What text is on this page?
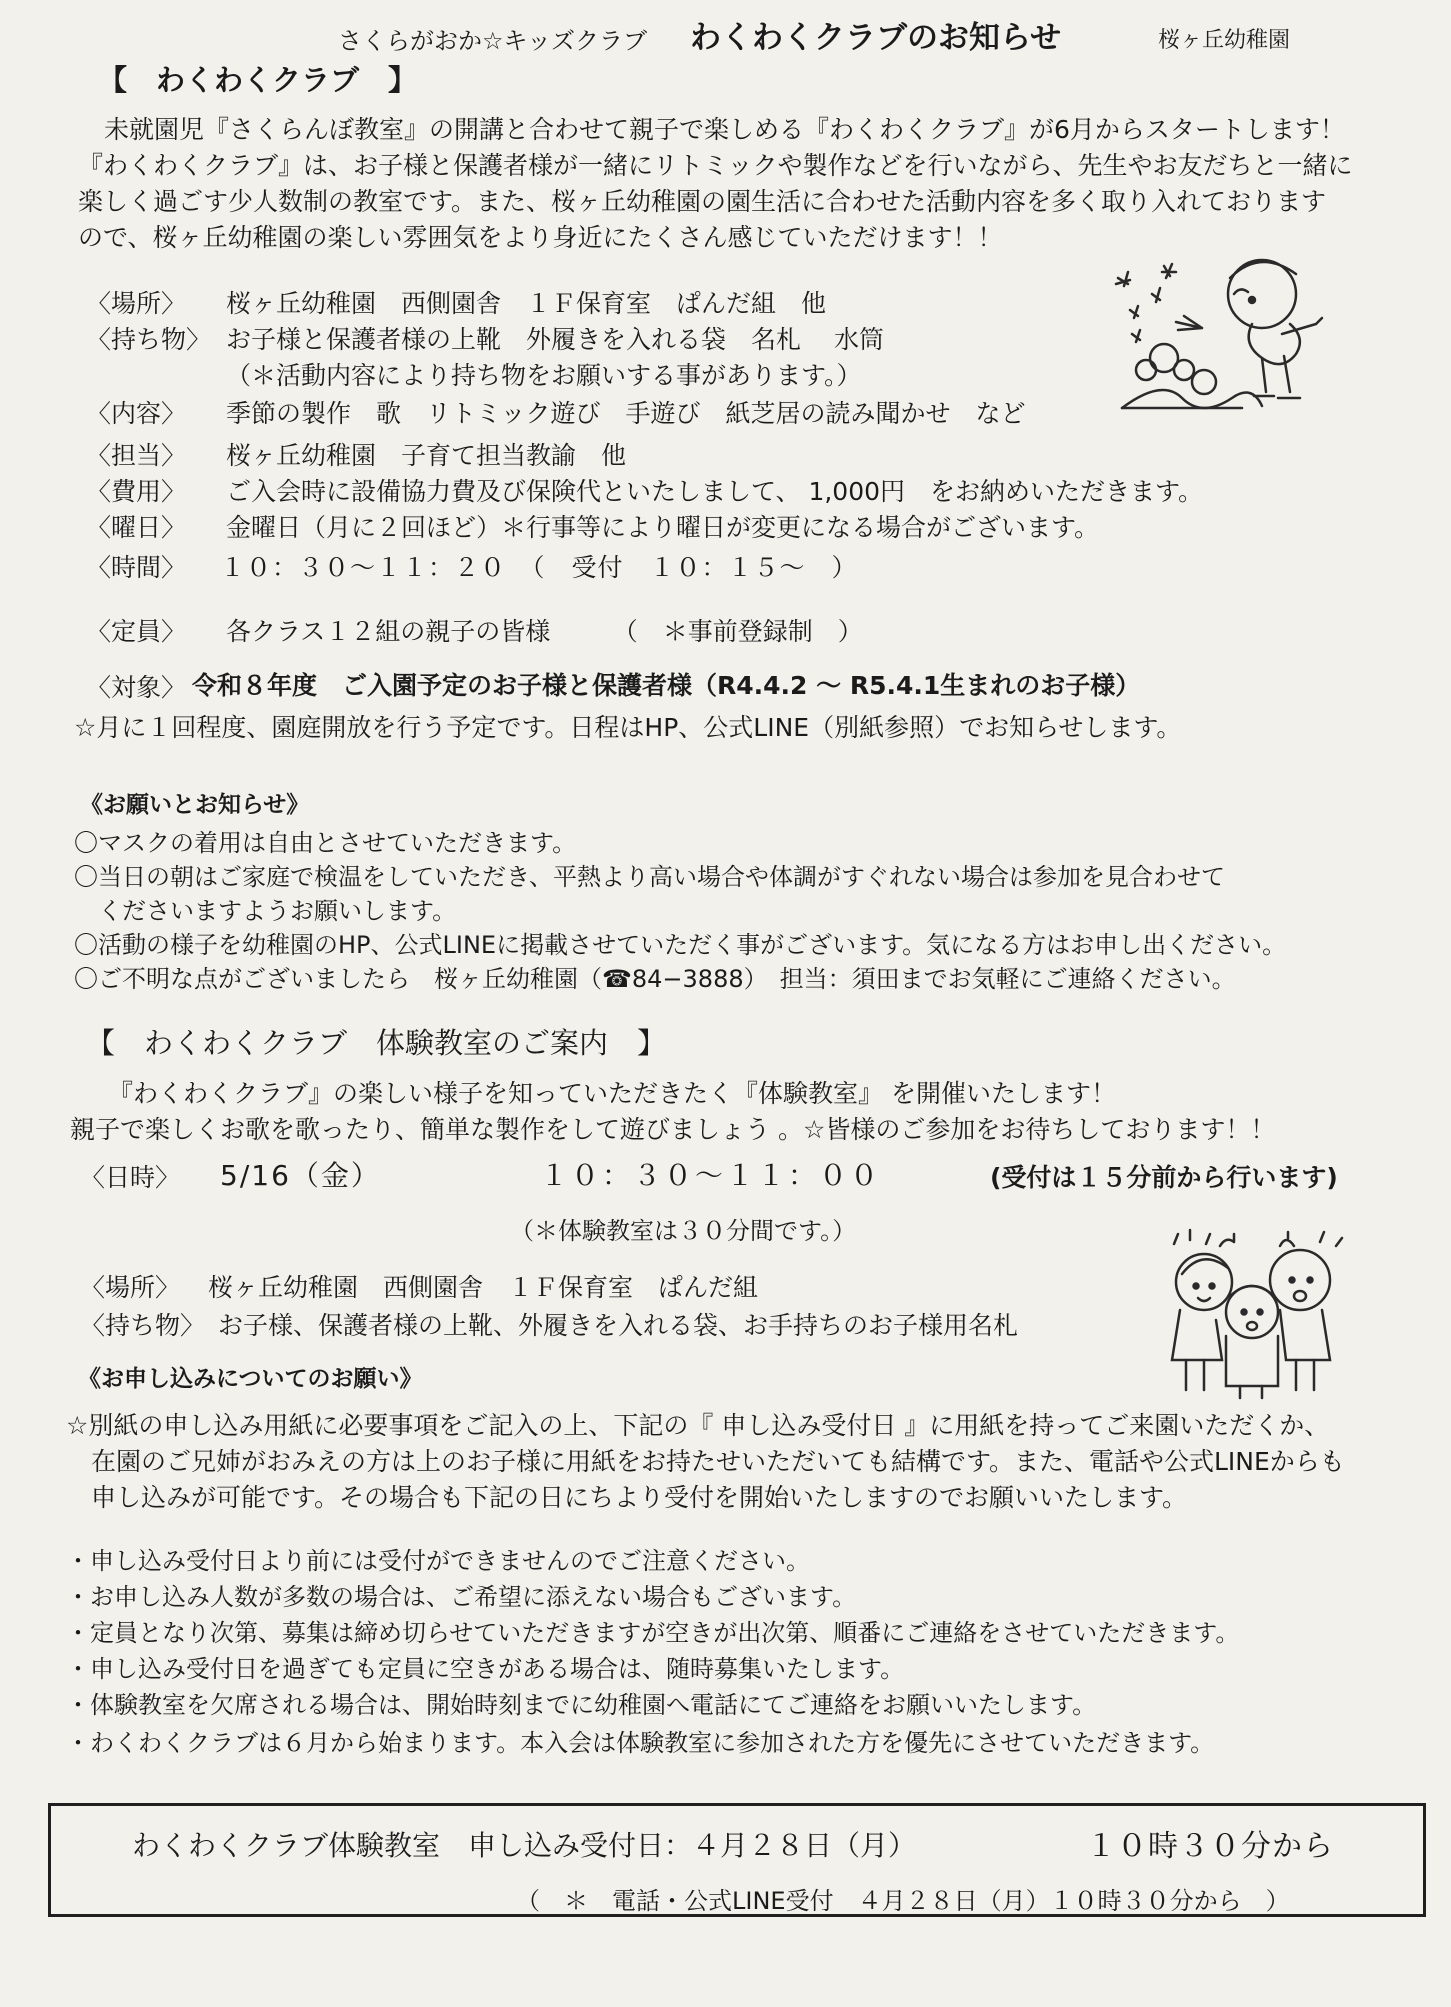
さくらがおか☆キッズクラブ わくわくクラブのお知らせ	桜ヶ丘幼稚園
【　わくわくクラブ　】
未就園児『さくらんぼ教室』の開講と合わせて親子で楽しめる『わくわくクラブ』が6月からスタートします！
『わくわくクラブ』は、お子様と保護者様が一緒にリトミックや製作などを行いながら、先生やお友だちと一緒に
楽しく過ごす少人数制の教室です。また、桜ヶ丘幼稚園の園生活に合わせた活動内容を多く取り入れております
ので、桜ヶ丘幼稚園の楽しい雰囲気をより身近にたくさん感じていただけます！！
〈場所〉 桜ヶ丘幼稚園　西側園舎　１Ｆ保育室　ぱんだ組　他
〈持ち物〉 お子様と保護者様の上靴　外履きを入れる袋　名札　 水筒
（＊活動内容により持ち物をお願いする事があります。）
〈内容〉 季節の製作　歌　リトミック遊び　手遊び　紙芝居の読み聞かせ　など
〈担当〉 桜ヶ丘幼稚園　子育て担当教諭　他
〈費用〉 ご入会時に設備協力費及び保険代といたしまして、 1,000円　をお納めいただきます。
〈曜日〉 金曜日（月に２回ほど）＊行事等により曜日が変更になる場合がございます。
〈時間〉 １０：３０〜１１：２０　（　受付　１０：１５〜　）
〈定員〉 各クラス１２組の親子の皆様　　　（　＊事前登録制　）
〈対象〉 令和８年度　ご入園予定のお子様と保護者様（R4.4.2 〜 R5.4.1生まれのお子様）
☆月に１回程度、園庭開放を行う予定です。日程はHP、公式LINE（別紙参照）でお知らせします。
《お願いとお知らせ》
〇マスクの着用は自由とさせていただきます。
〇当日の朝はご家庭で検温をしていただき、平熱より高い場合や体調がすぐれない場合は参加を見合わせて
　くださいますようお願いします。
〇活動の様子を幼稚園のHP、公式LINEに掲載させていただく事がございます。気になる方はお申し出ください。
〇ご不明な点がございましたら　桜ヶ丘幼稚園（☎84−3888）　担当：須田までお気軽にご連絡ください。
【　わくわくクラブ　体験教室のご案内　】
『わくわくクラブ』の楽しい様子を知っていただきたく『体験教室』 を開催いたします！
親子で楽しくお歌を歌ったり、簡単な製作をして遊びましょう 。☆皆様のご参加をお待ちしております！！
〈日時〉 5/16（金）	１０：３０〜１１：００	(受付は１５分前から行います)
（＊体験教室は３０分間です。）
〈場所〉 桜ヶ丘幼稚園　西側園舎　１Ｆ保育室　ぱんだ組
〈持ち物〉 お子様、保護者様の上靴、外履きを入れる袋、お手持ちのお子様用名札
《お申し込みについてのお願い》
☆別紙の申し込み用紙に必要事項をご記入の上、下記の『 申し込み受付日 』に用紙を持ってご来園いただくか、
　在園のご兄姉がおみえの方は上のお子様に用紙をお持たせいただいても結構です。また、電話や公式LINEからも
　申し込みが可能です。その場合も下記の日にちより受付を開始いたしますのでお願いいたします。
・申し込み受付日より前には受付ができませんのでご注意ください。
・お申し込み人数が多数の場合は、ご希望に添えない場合もございます。
・定員となり次第、募集は締め切らせていただきますが空きが出次第、順番にご連絡をさせていただきます。
・申し込み受付日を過ぎても定員に空きがある場合は、随時募集いたします。
・体験教室を欠席される場合は、開始時刻までに幼稚園へ電話にてご連絡をお願いいたします。
・わくわくクラブは６月から始まります。本入会は体験教室に参加された方を優先にさせていただきます。
わくわくクラブ体験教室　申し込み受付日：４月２８日（月）	１０時３０分から
（　＊　電話・公式LINE受付　４月２８日（月）１０時３０分から　）
